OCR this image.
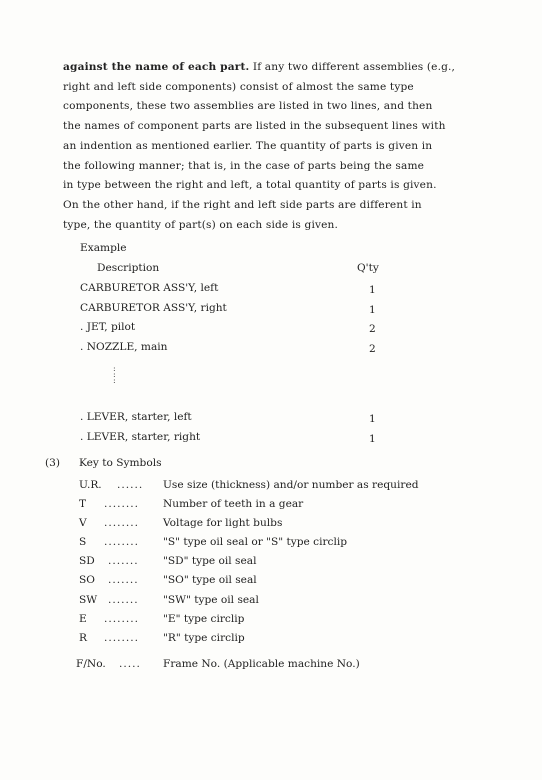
against the name of each part. If any two different assemblies (e.g.,
right and left side components) consist of almost the same type
components, these two assemblies are listed in two lines, and then
the names of component parts are listed in the subsequent lines with
an indention as mentioned earlier. The quantity of parts is given in
the following manner; that is, in the case of parts being the same
in type between the right and left, a total quantity of parts is given.
On the other hand, if the right and left side parts are different in
type, the quantity of part(s) on each side is given.
Example
Description	Q'ty
CARBURETOR ASS'Y, left	1
CARBURETOR ASS'Y, right	1
. JET, pilot	2
. NOZZLE, main	2
:
:
:
. LEVER, starter, left	1
. LEVER, starter, right	1
(3) Key to Symbols
U.R. ...... Use size (thickness) and/or number as required
T ........ Number of teeth in a gear
V ........ Voltage for light bulbs
S ........ "S" type oil seal or "S" type circlip
SD ....... "SD" type oil seal
SO ....... "SO" type oil seal
SW ....... "SW" type oil seal
E ........ "E" type circlip
R ........ "R" type circlip
F/No. ..... Frame No. (Applicable machine No.)
